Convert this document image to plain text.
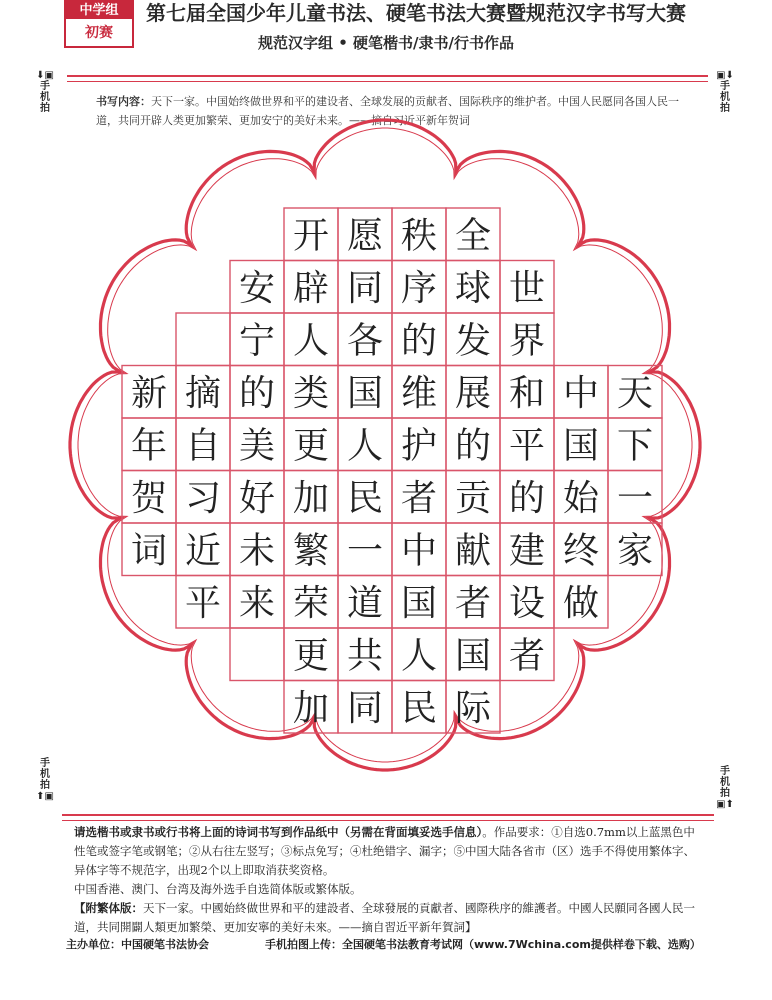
中学组
初赛
第七届全国少年儿童书法、硬笔书法大赛暨规范汉字书写大赛
规范汉字组 • 硬笔楷书/隶书/行书作品
⬇▣
手机拍
▣⬇
手机拍
手机拍
⬆▣
手机拍
▣⬆
书写内容：天下一家。中国始终做世界和平的建设者、全球发展的贡献者、国际秩序的维护者。中国人民愿同各国人民一道，共同开辟人类更加繁荣、更加安宁的美好未来。——摘自习近平新年贺词
天
下
一
家
中
国
始
终
做
世
界
和
平
的
建
设
者
全
球
发
展
的
贡
献
者
国
际
秩
序
的
维
护
者
中
国
人
民
愿
同
各
国
人
民
一
道
共
同
开
辟
人
类
更
加
繁
荣
更
加
安
宁
的
美
好
未
来
摘
自
习
近
平
新
年
贺
词
请选楷书或隶书或行书将上面的诗词书写到作品纸中（另需在背面填妥选手信息）。作品要求：①自选0.7mm以上蓝黑色中性笔或签字笔或钢笔；②从右往左竖写；③标点免写；④杜绝错字、漏字；⑤中国大陆各省市（区）选手不得使用繁体字、异体字等不规范字，出现2个以上即取消获奖资格。
中国香港、澳门、台湾及海外选手自选简体版或繁体版。
【附繁体版：天下一家。中國始終做世界和平的建設者、全球發展的貢獻者、國際秩序的維護者。中國人民願同各國人民一道，共同開闢人類更加繁榮、更加安寧的美好未來。——摘自習近平新年賀詞】
主办单位：中国硬笔书法协会	手机拍图上传：全国硬笔书法教育考试网（www.7Wchina.com提供样卷下载、选购）
